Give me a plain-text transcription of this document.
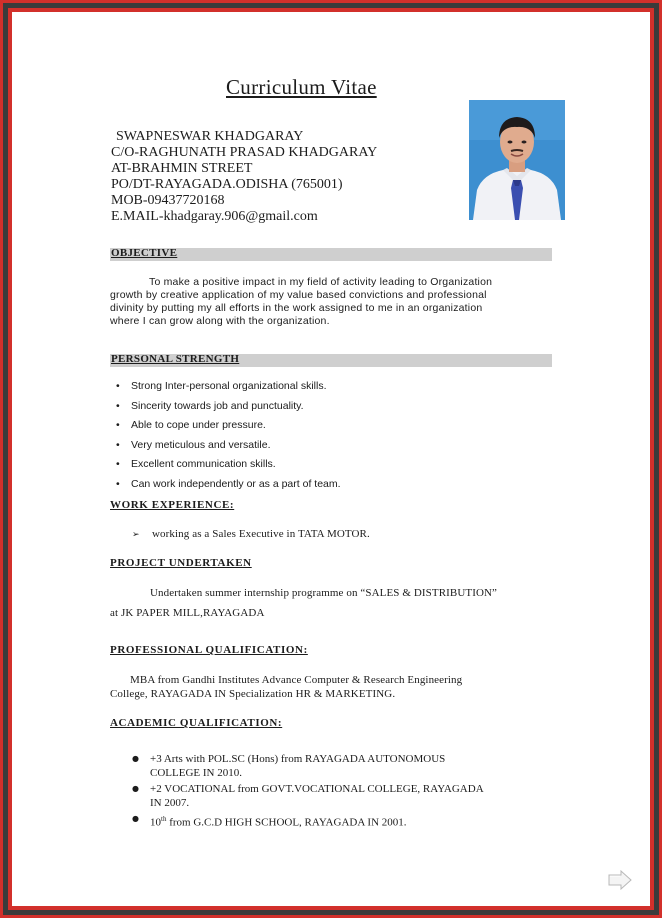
Curriculum Vitae
SWAPNESWAR KHADGARAY
C/O-RAGHUNATH PRASAD KHADGARAY
AT-BRAHMIN STREET
PO/DT-RAYAGADA.ODISHA (765001)
MOB-09437720168
E.MAIL-khadgaray.906@gmail.com
OBJECTIVE
To make a positive impact in my field of activity leading to Organization
growth by creative application of my value based convictions and professional
divinity by putting my all efforts in the work assigned to me in an organization
where I can grow along with the organization.
PERSONAL STRENGTH
• Strong Inter-personal organizational skills.
• Sincerity towards job and punctuality.
• Able to cope under pressure.
• Very meticulous and versatile.
• Excellent communication skills.
• Can work independently or as a part of team.
WORK EXPERIENCE:
➢ working as a Sales Executive in TATA MOTOR.
PROJECT UNDERTAKEN
Undertaken summer internship programme on “SALES & DISTRIBUTION”
at JK PAPER MILL,RAYAGADA
PROFESSIONAL QUALIFICATION:
MBA from Gandhi Institutes Advance Computer & Research Engineering
College, RAYAGADA IN Specialization HR & MARKETING.
ACADEMIC QUALIFICATION:
● +3 Arts with POL.SC (Hons) from RAYAGADA AUTONOMOUS
COLLEGE IN 2010.
● +2 VOCATIONAL from GOVT.VOCATIONAL COLLEGE, RAYAGADA
IN 2007.
● 10th from G.C.D HIGH SCHOOL, RAYAGADA IN 2001.
